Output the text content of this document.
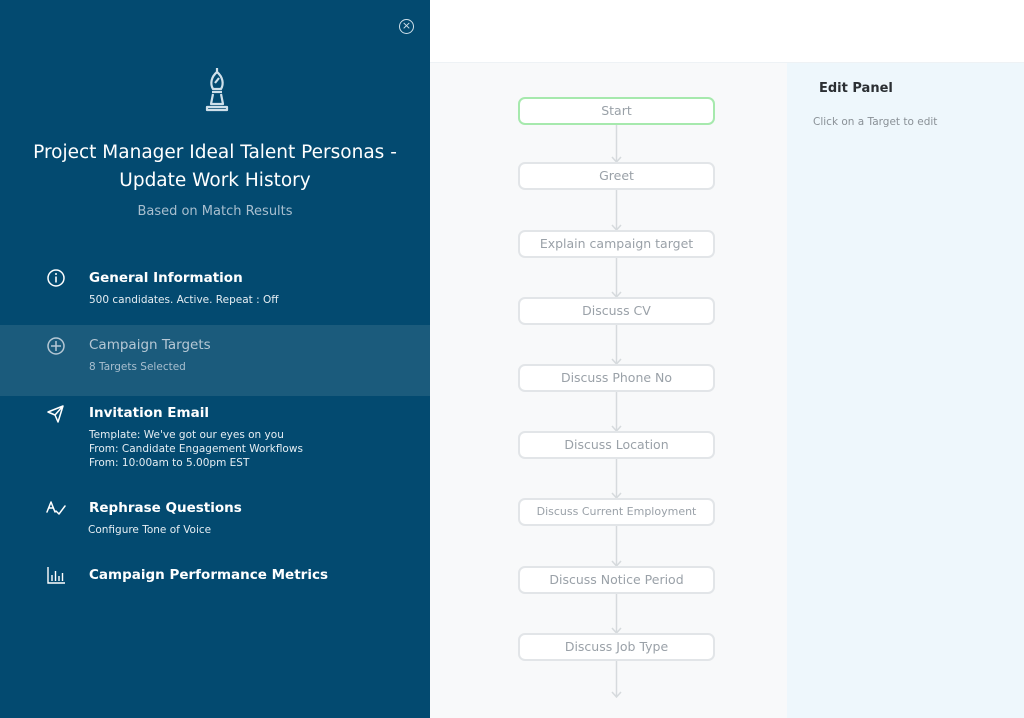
×
Project Manager Ideal Talent Personas -
Update Work History
Based on Match Results
General Information
500 candidates. Active. Repeat : Off
Campaign Targets
8 Targets Selected
Invitation Email
Template: We've got our eyes on you
From: Candidate Engagement Workflows
From: 10:00am to 5.00pm EST
Rephrase Questions
Configure Tone of Voice
Campaign Performance Metrics
Start
Greet
Explain campaign target
Discuss CV
Discuss Phone No
Discuss Location
Discuss Current Employment
Discuss Notice Period
Discuss Job Type
Edit Panel
Click on a Target to edit
